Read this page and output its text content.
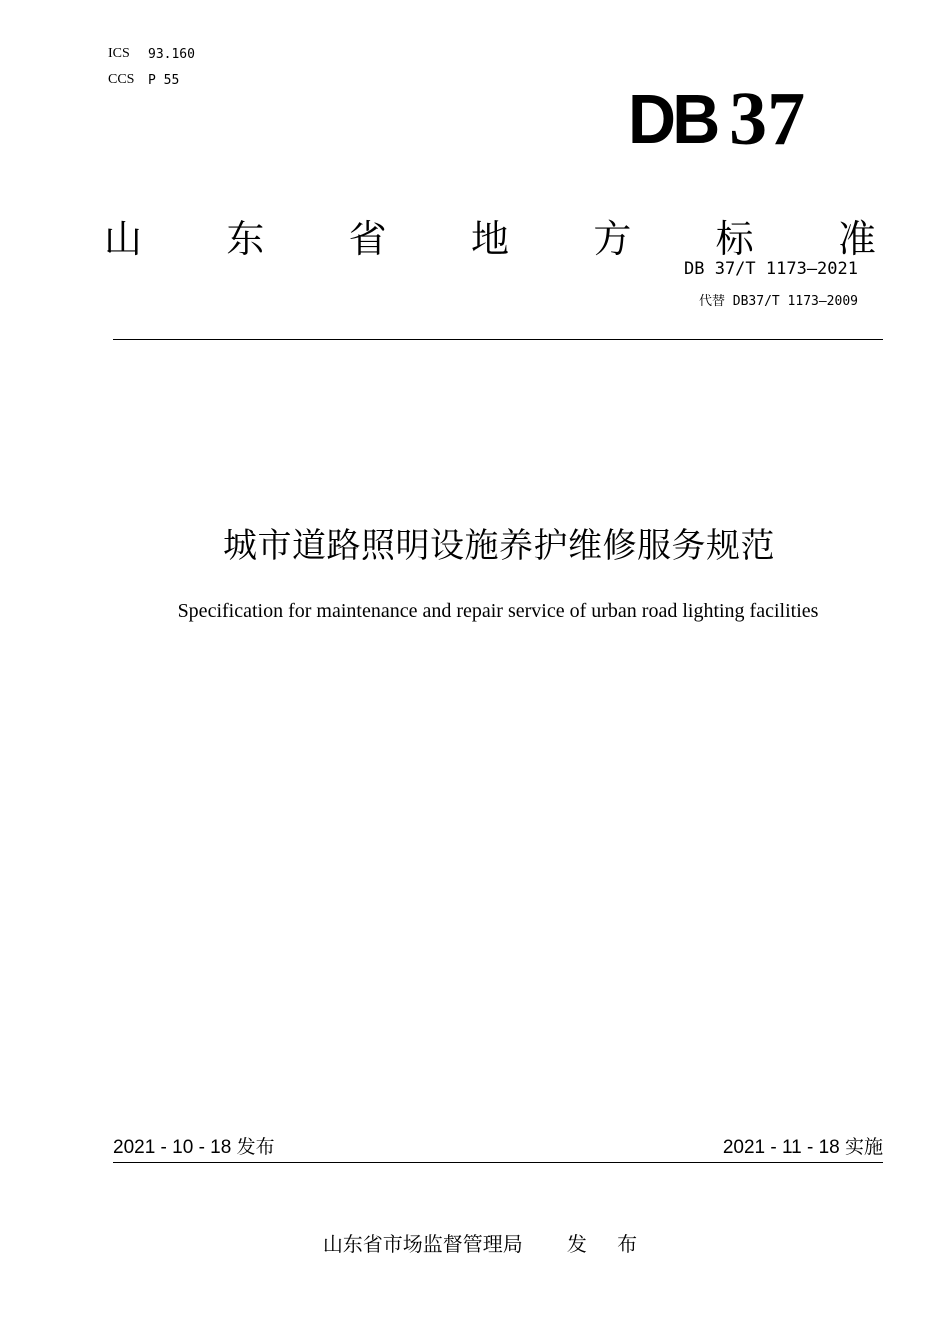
ICS	93.160
CCS	P 55	DB 37
山 东 省 地 方 标 准
DB 37/T 1173—2021
代替 DB37/T 1173—2009
城市道路照明设施养护维修服务规范
Specification for maintenance and repair service of urban road lighting facilities
2021 - 10 - 18 发布	2021 - 11 - 18 实施
山东省市场监督管理局 发 布
